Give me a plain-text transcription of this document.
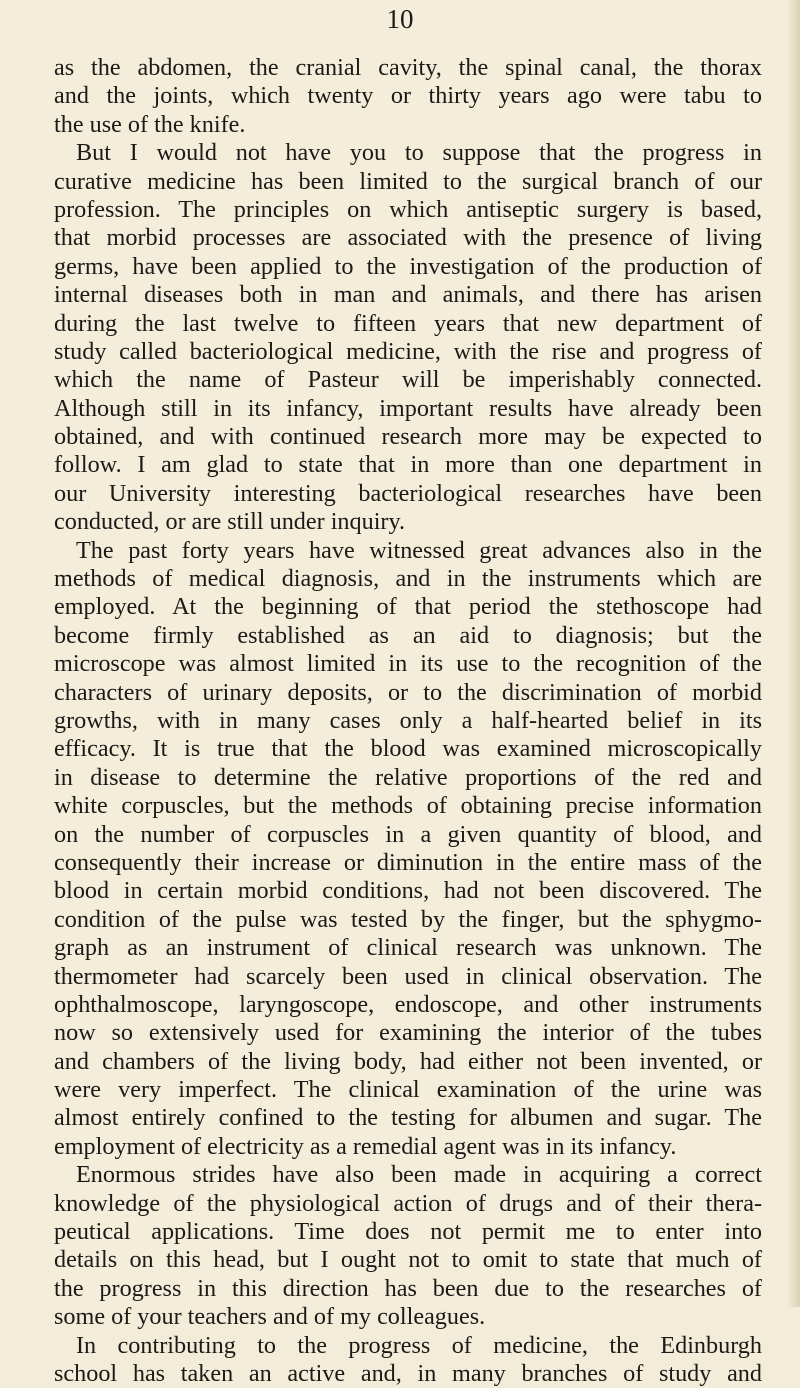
10
as the abdomen, the cranial cavity, the spinal canal, the thorax
and the joints, which twenty or thirty years ago were tabu to
the use of the knife.
But I would not have you to suppose that the progress in
curative medicine has been limited to the surgical branch of our
profession. The principles on which antiseptic surgery is based,
that morbid processes are associated with the presence of living
germs, have been applied to the investigation of the production of
internal diseases both in man and animals, and there has arisen
during the last twelve to fifteen years that new department of
study called bacteriological medicine, with the rise and progress of
which the name of Pasteur will be imperishably connected.
Although still in its infancy, important results have already been
obtained, and with continued research more may be expected to
follow. I am glad to state that in more than one department in
our University interesting bacteriological researches have been
conducted, or are still under inquiry.
The past forty years have witnessed great advances also in the
methods of medical diagnosis, and in the instruments which are
employed. At the beginning of that period the stethoscope had
become firmly established as an aid to diagnosis; but the
microscope was almost limited in its use to the recognition of the
characters of urinary deposits, or to the discrimination of morbid
growths, with in many cases only a half-hearted belief in its
efficacy. It is true that the blood was examined microscopically
in disease to determine the relative proportions of the red and
white corpuscles, but the methods of obtaining precise information
on the number of corpuscles in a given quantity of blood, and
consequently their increase or diminution in the entire mass of the
blood in certain morbid conditions, had not been discovered. The
condition of the pulse was tested by the finger, but the sphygmo-
graph as an instrument of clinical research was unknown. The
thermometer had scarcely been used in clinical observation. The
ophthalmoscope, laryngoscope, endoscope, and other instruments
now so extensively used for examining the interior of the tubes
and chambers of the living body, had either not been invented, or
were very imperfect. The clinical examination of the urine was
almost entirely confined to the testing for albumen and sugar. The
employment of electricity as a remedial agent was in its infancy.
Enormous strides have also been made in acquiring a correct
knowledge of the physiological action of drugs and of their thera-
peutical applications. Time does not permit me to enter into
details on this head, but I ought not to omit to state that much of
the progress in this direction has been due to the researches of
some of your teachers and of my colleagues.
In contributing to the progress of medicine, the Edinburgh
school has taken an active and, in many branches of study and
